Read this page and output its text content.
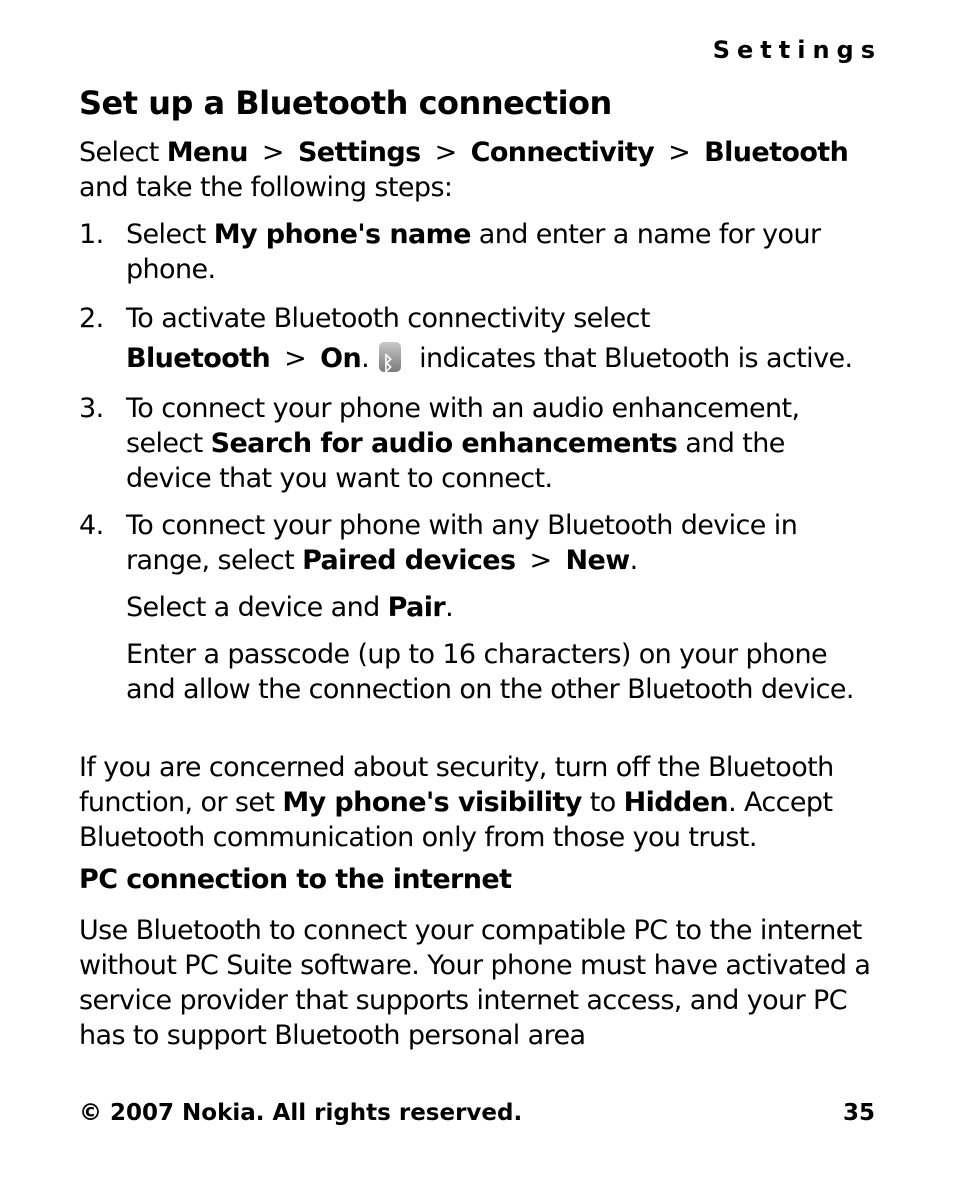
Settings
Set up a Bluetooth connection

Select Menu > Settings > Connectivity > Bluetooth and take the following steps:

1. Select My phone's name and enter a name for your phone.
2. To activate Bluetooth connectivity select Bluetooth > On.ᛒ indicates that Bluetooth is active.
3. To connect your phone with an audio enhancement, select Search for audio enhancements and the device that you want to connect.
4. To connect your phone with any Bluetooth device in range, select Paired devices > New.

Select a device and Pair.

Enter a passcode (up to 16 characters) on your phone and allow the connection on the other Bluetooth device.

If you are concerned about security, turn off the Bluetooth function, or set My phone's visibility to Hidden. Accept Bluetooth communication only from those you trust.

PC connection to the internet

Use Bluetooth to connect your compatible PC to the internet without PC Suite software. Your phone must have activated a service provider that supports internet access, and your PC has to support Bluetooth personal area

© 2007 Nokia. All rights reserved.	35
